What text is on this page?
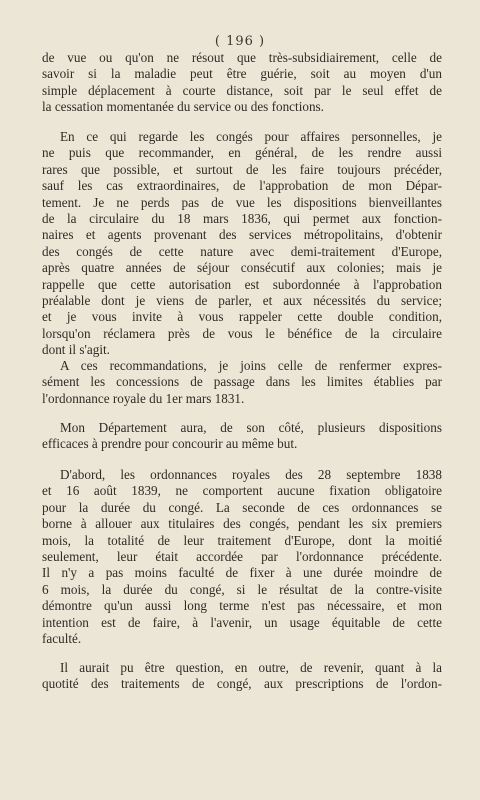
( 196 )
de vue ou qu'on ne résout que très-subsidiairement, celle de
savoir si la maladie peut être guérie, soit au moyen d'un
simple déplacement à courte distance, soit par le seul effet de
la cessation momentanée du service ou des fonctions.
En ce qui regarde les congés pour affaires personnelles, je
ne puis que recommander, en général, de les rendre aussi
rares que possible, et surtout de les faire toujours précéder,
sauf les cas extraordinaires, de l'approbation de mon Dépar-
tement. Je ne perds pas de vue les dispositions bienveillantes
de la circulaire du 18 mars 1836, qui permet aux fonction-
naires et agents provenant des services métropolitains, d'obtenir
des congés de cette nature avec demi-traitement d'Europe,
après quatre années de séjour consécutif aux colonies; mais je
rappelle que cette autorisation est subordonnée à l'approbation
préalable dont je viens de parler, et aux nécessités du service;
et je vous invite à vous rappeler cette double condition,
lorsqu'on réclamera près de vous le bénéfice de la circulaire
dont il s'agit.
A ces recommandations, je joins celle de renfermer expres-
sément les concessions de passage dans les limites établies par
l'ordonnance royale du 1er mars 1831.
Mon Département aura, de son côté, plusieurs dispositions
efficaces à prendre pour concourir au même but.
D'abord, les ordonnances royales des 28 septembre 1838
et 16 août 1839, ne comportent aucune fixation obligatoire
pour la durée du congé. La seconde de ces ordonnances se
borne à allouer aux titulaires des congés, pendant les six premiers
mois, la totalité de leur traitement d'Europe, dont la moitié
seulement, leur était accordée par l'ordonnance précédente.
Il n'y a pas moins faculté de fixer à une durée moindre de
6 mois, la durée du congé, si le résultat de la contre-visite
démontre qu'un aussi long terme n'est pas nécessaire, et mon
intention est de faire, à l'avenir, un usage équitable de cette
faculté.
Il aurait pu être question, en outre, de revenir, quant à la
quotité des traitements de congé, aux prescriptions de l'ordon-
